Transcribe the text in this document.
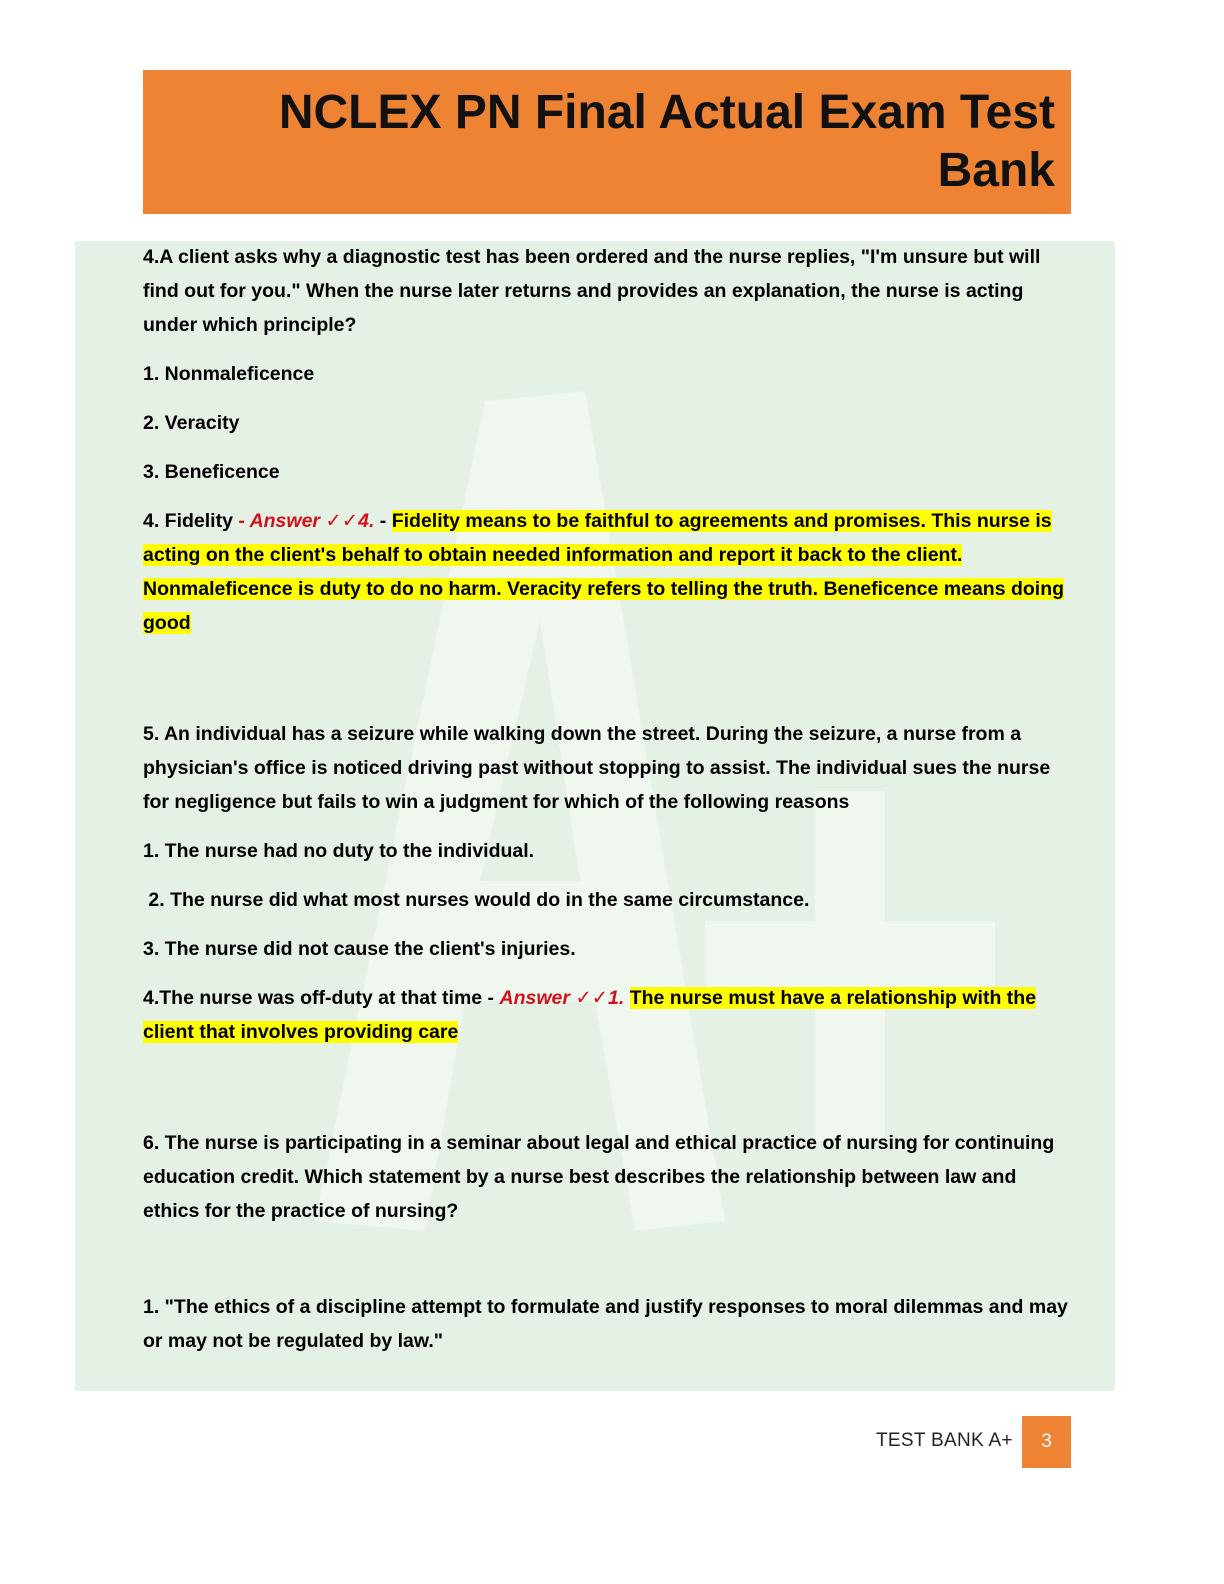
NCLEX PN Final Actual Exam Test Bank

4.A client asks why a diagnostic test has been ordered and the nurse replies, "I'm unsure but will find out for you." When the nurse later returns and provides an explanation, the nurse is acting under which principle?

1. Nonmaleficence

2. Veracity

3. Beneficence

4. Fidelity - Answer ✓✓4. - Fidelity means to be faithful to agreements and promises. This nurse is acting on the client's behalf to obtain needed information and report it back to the client. Nonmaleficence is duty to do no harm. Veracity refers to telling the truth. Beneficence means doing good

5. An individual has a seizure while walking down the street. During the seizure, a nurse from a physician's office is noticed driving past without stopping to assist. The individual sues the nurse for negligence but fails to win a judgment for which of the following reasons

1. The nurse had no duty to the individual.

2. The nurse did what most nurses would do in the same circumstance.

3. The nurse did not cause the client's injuries.

4.The nurse was off-duty at that time - Answer ✓✓1. The nurse must have a relationship with the client that involves providing care

6. The nurse is participating in a seminar about legal and ethical practice of nursing for continuing education credit. Which statement by a nurse best describes the relationship between law and ethics for the practice of nursing?

1. "The ethics of a discipline attempt to formulate and justify responses to moral dilemmas and may or may not be regulated by law."

TEST BANK A+	3
